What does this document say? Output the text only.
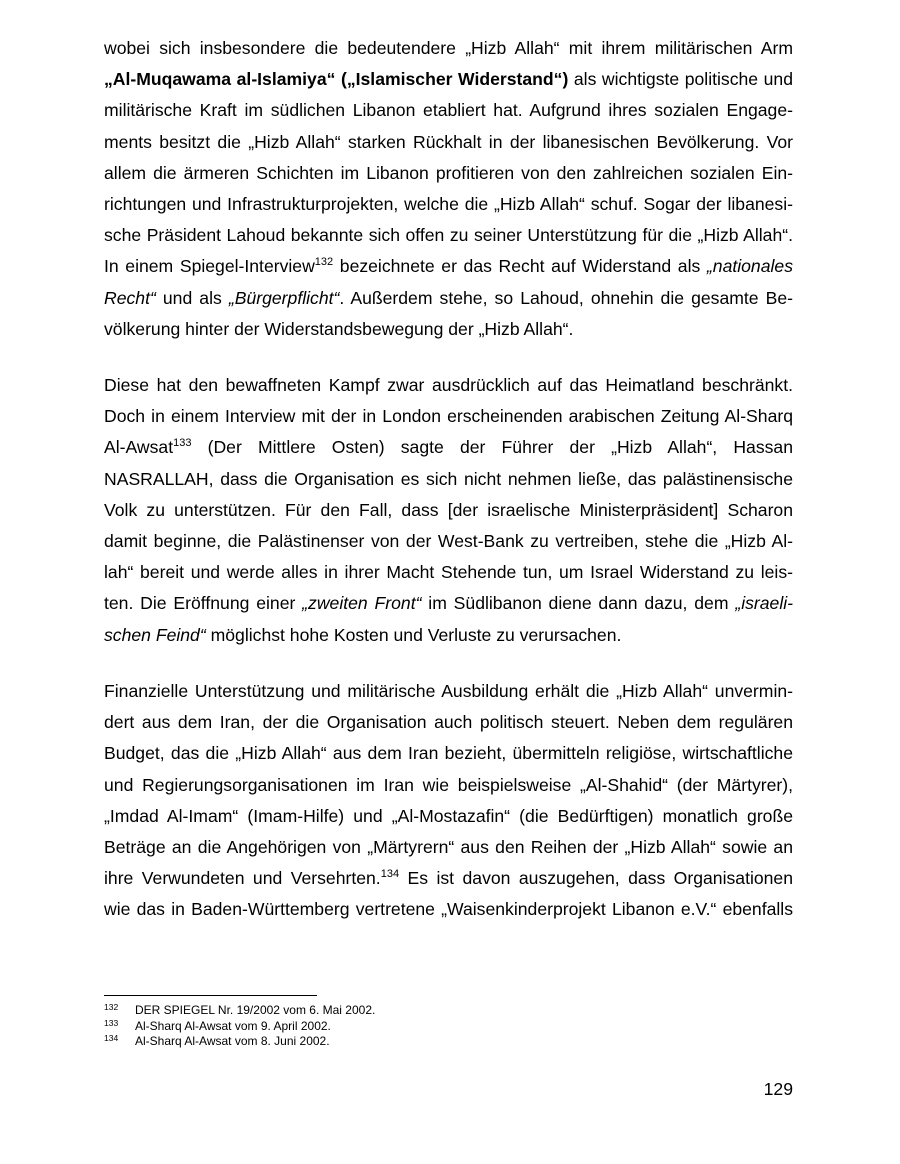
wobei sich insbesondere die bedeutendere „Hizb Allah“ mit ihrem militärischen Arm
„Al-Muqawama al-Islamiya“ („Islamischer Widerstand“) als wichtigste politische und
militärische Kraft im südlichen Libanon etabliert hat. Aufgrund ihres sozialen Engage-
ments besitzt die „Hizb Allah“ starken Rückhalt in der libanesischen Bevölkerung. Vor
allem die ärmeren Schichten im Libanon profitieren von den zahlreichen sozialen Ein-
richtungen und Infrastrukturprojekten, welche die „Hizb Allah“ schuf. Sogar der libanesi-
sche Präsident Lahoud bekannte sich offen zu seiner Unterstützung für die „Hizb Allah“.
In einem Spiegel-Interview$^{132}$ bezeichnete er das Recht auf Widerstand als „nationales
Recht“ und als „Bürgerpflicht“. Außerdem stehe, so Lahoud, ohnehin die gesamte Be-
völkerung hinter der Widerstandsbewegung der „Hizb Allah“.
Diese hat den bewaffneten Kampf zwar ausdrücklich auf das Heimatland beschränkt.
Doch in einem Interview mit der in London erscheinenden arabischen Zeitung Al-Sharq
Al-Awsat$^{133}$ (Der Mittlere Osten) sagte der Führer der „Hizb Allah“, Hassan
NASRALLAH, dass die Organisation es sich nicht nehmen ließe, das palästinensische
Volk zu unterstützen. Für den Fall, dass [der israelische Ministerpräsident] Scharon
damit beginne, die Palästinenser von der West-Bank zu vertreiben, stehe die „Hizb Al-
lah“ bereit und werde alles in ihrer Macht Stehende tun, um Israel Widerstand zu leis-
ten. Die Eröffnung einer „zweiten Front“ im Südlibanon diene dann dazu, dem „israeli-
schen Feind“ möglichst hohe Kosten und Verluste zu verursachen.
Finanzielle Unterstützung und militärische Ausbildung erhält die „Hizb Allah“ unvermin-
dert aus dem Iran, der die Organisation auch politisch steuert. Neben dem regulären
Budget, das die „Hizb Allah“ aus dem Iran bezieht, übermitteln religiöse, wirtschaftliche
und Regierungsorganisationen im Iran wie beispielsweise „Al-Shahid“ (der Märtyrer),
„Imdad Al-Imam“ (Imam-Hilfe) und „Al-Mostazafin“ (die Bedürftigen) monatlich große
Beträge an die Angehörigen von „Märtyrern“ aus den Reihen der „Hizb Allah“ sowie an
ihre Verwundeten und Versehrten.$^{134}$ Es ist davon auszugehen, dass Organisationen
wie das in Baden-Württemberg vertretene „Waisenkinderprojekt Libanon e.V.“ ebenfalls
132 DER SPIEGEL Nr. 19/2002 vom 6. Mai 2002.
133 Al-Sharq Al-Awsat vom 9. April 2002.
134 Al-Sharq Al-Awsat vom 8. Juni 2002.
129
